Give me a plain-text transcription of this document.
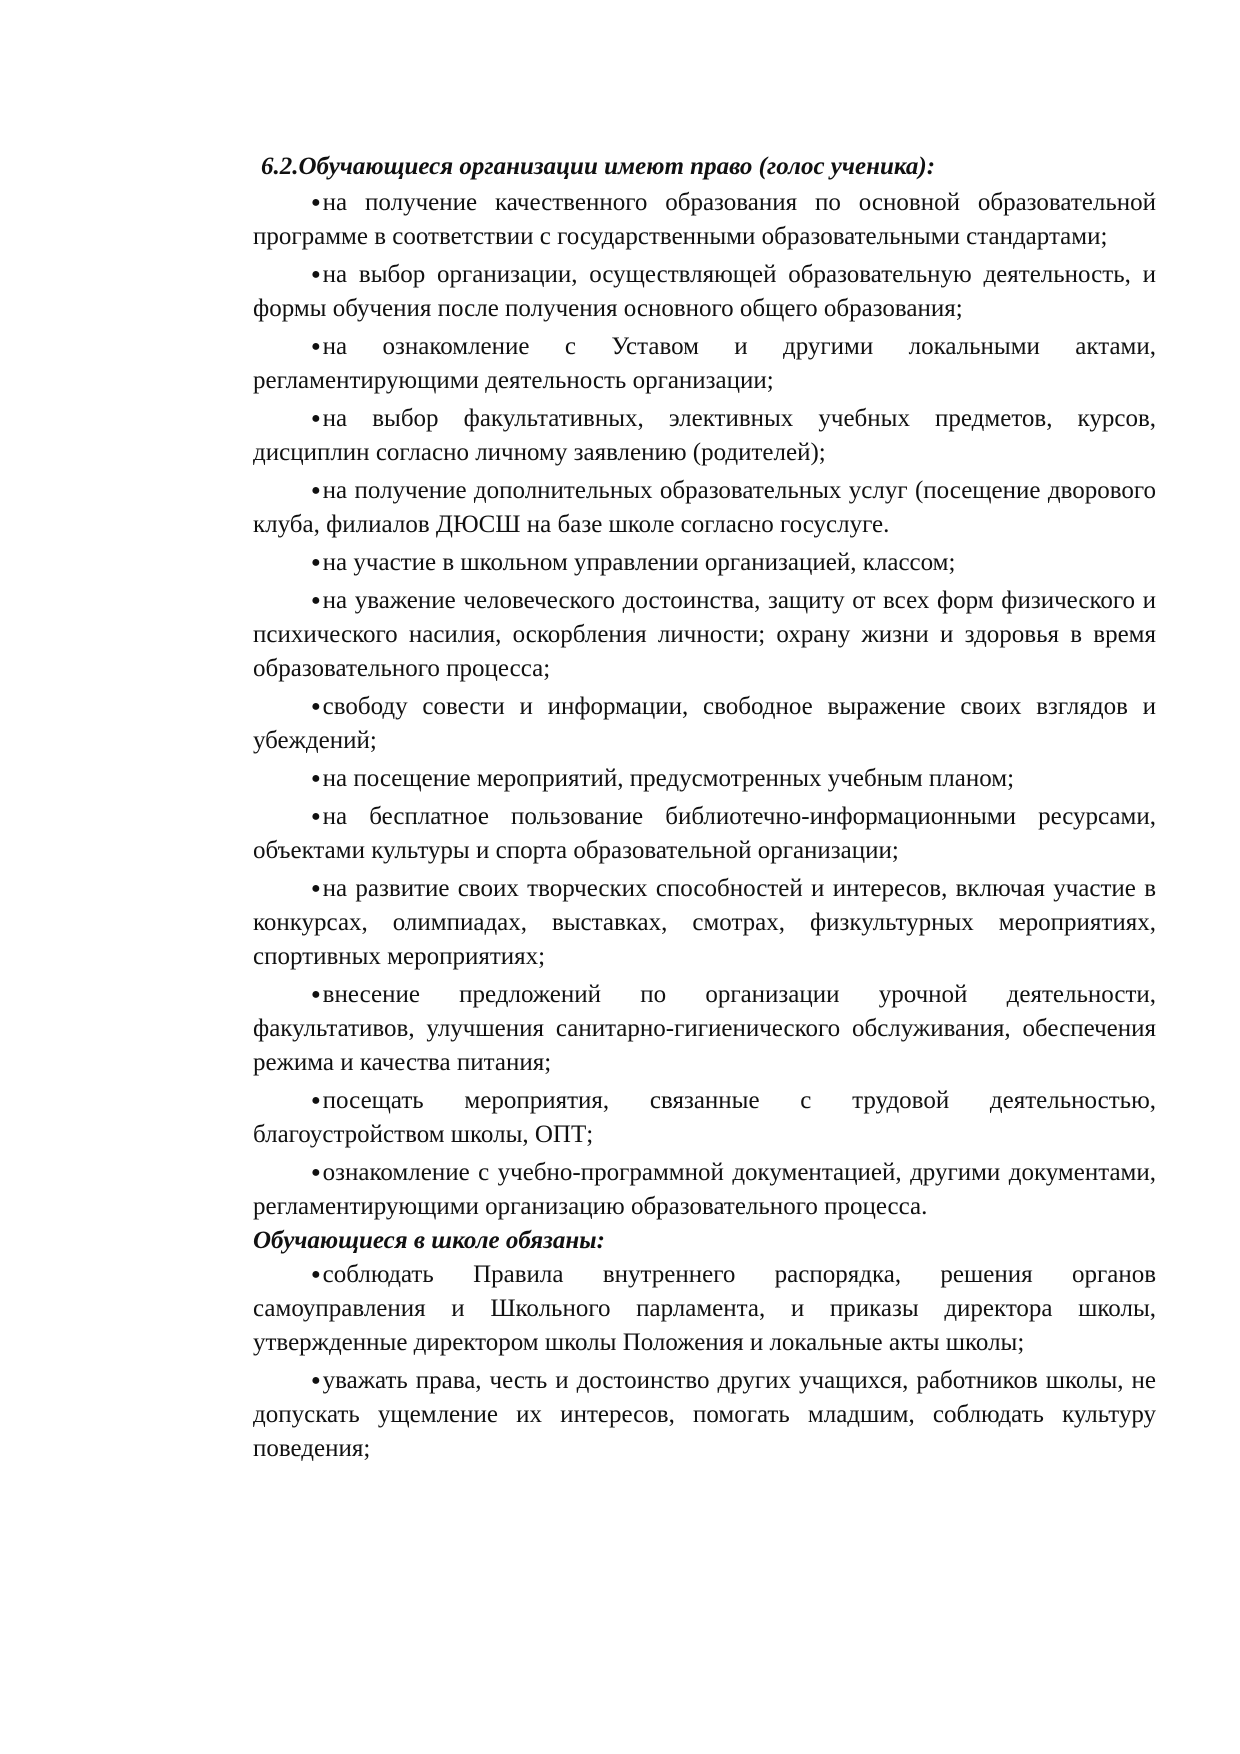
6.2.Обучающиеся организации имеют право (голос ученика):

●на получение качественного образования по основной образовательной программе в соответствии с государственными образовательными стандартами;

●на выбор организации, осуществляющей образовательную деятельность, и формы обучения после получения основного общего образования;

●на ознакомление с Уставом и другими локальными актами, регламентирующими деятельность организации;

●на выбор факультативных, элективных учебных предметов, курсов, дисциплин согласно личному заявлению (родителей);

●на получение дополнительных образовательных услуг (посещение дворового клуба, филиалов ДЮСШ на базе школе согласно госуслуге.

●на участие в школьном управлении организацией, классом;

●на уважение человеческого достоинства, защиту от всех форм физического и психического насилия, оскорбления личности; охрану жизни и здоровья в время образовательного процесса;

●свободу совести и информации, свободное выражение своих взглядов и убеждений;

●на посещение мероприятий, предусмотренных учебным планом;

●на бесплатное пользование библиотечно-информационными ресурсами, объектами культуры и спорта образовательной организации;

●на развитие своих творческих способностей и интересов, включая участие в конкурсах, олимпиадах, выставках, смотрах, физкультурных мероприятиях, спортивных мероприятиях;

●внесение предложений по организации урочной деятельности, факультативов, улучшения санитарно-гигиенического обслуживания, обеспечения режима и качества питания;

●посещать мероприятия, связанные с трудовой деятельностью, благоустройством школы, ОПТ;

●ознакомление с учебно-программной документацией, другими документами, регламентирующими организацию образовательного процесса.

Обучающиеся в школе обязаны:

●соблюдать Правила внутреннего распорядка, решения органов самоуправления и Школьного парламента, и приказы директора школы, утвержденные директором школы Положения и локальные акты школы;

●уважать права, честь и достоинство других учащихся, работников школы, не допускать ущемление их интересов, помогать младшим, соблюдать культуру поведения;
